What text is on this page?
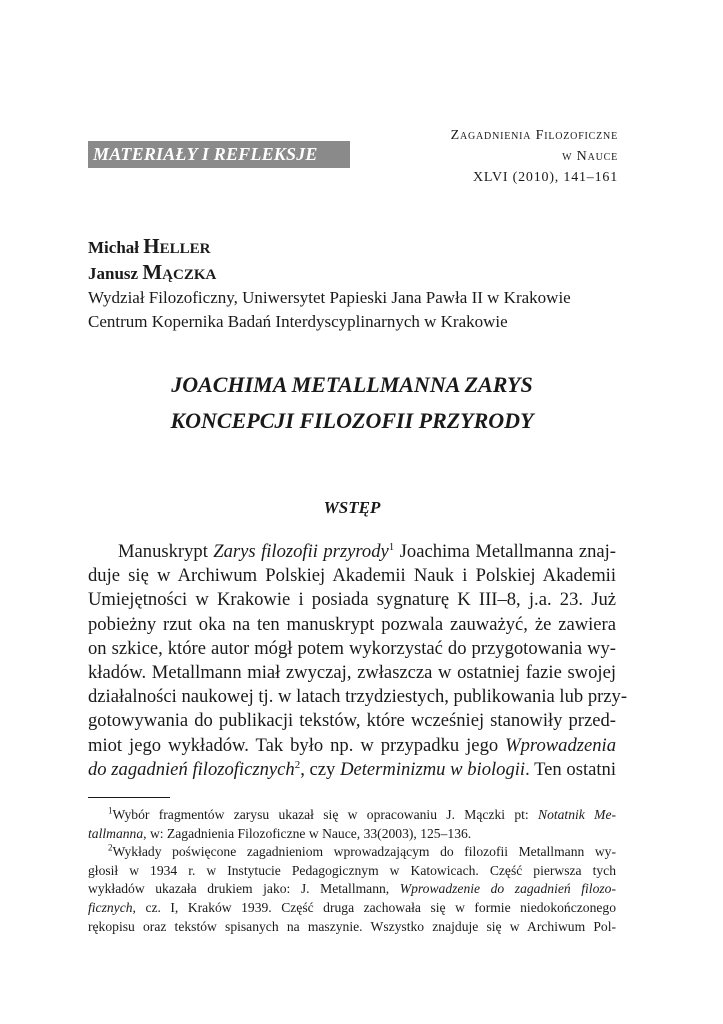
MATERIAŁY I REFLEKSJE
Zagadnienia Filozoficzne
w Nauce
XLVI (2010), 141–161
Michał Heller
Janusz Mączka
Wydział Filozoficzny, Uniwersytet Papieski Jana Pawła II w Krakowie
Centrum Kopernika Badań Interdyscyplinarnych w Krakowie
JOACHIMA METALLMANNA ZARYS
KONCEPCJI FILOZOFII PRZYRODY
WSTĘP
Manuskrypt Zarys filozofii przyrody$^1$ Joachima Metallmanna znaj-
duje się w Archiwum Polskiej Akademii Nauk i Polskiej Akademii
Umiejętności w Krakowie i posiada sygnaturę K III–8, j.a. 23. Już
pobieżny rzut oka na ten manuskrypt pozwala zauważyć, że zawiera
on szkice, które autor mógł potem wykorzystać do przygotowania wy-
kładów. Metallmann miał zwyczaj, zwłaszcza w ostatniej fazie swojej
działalności naukowej tj. w latach trzydziestych, publikowania lub przy-
gotowywania do publikacji tekstów, które wcześniej stanowiły przed-
miot jego wykładów. Tak było np. w przypadku jego Wprowadzenia
do zagadnień filozoficznych$^2$, czy Determinizmu w biologii. Ten ostatni
$^1$Wybór fragmentów zarysu ukazał się w opracowaniu J. Mączki pt: Notatnik Me-
tallmanna, w: Zagadnienia Filozoficzne w Nauce, 33(2003), 125–136.
$^2$Wykłady poświęcone zagadnieniom wprowadzającym do filozofii Metallmann wy-
głosił w 1934 r. w Instytucie Pedagogicznym w Katowicach. Część pierwsza tych
wykładów ukazała drukiem jako: J. Metallmann, Wprowadzenie do zagadnień filozo-
ficznych, cz. I, Kraków 1939. Część druga zachowała się w formie niedokończonego
rękopisu oraz tekstów spisanych na maszynie. Wszystko znajduje się w Archiwum Pol-
